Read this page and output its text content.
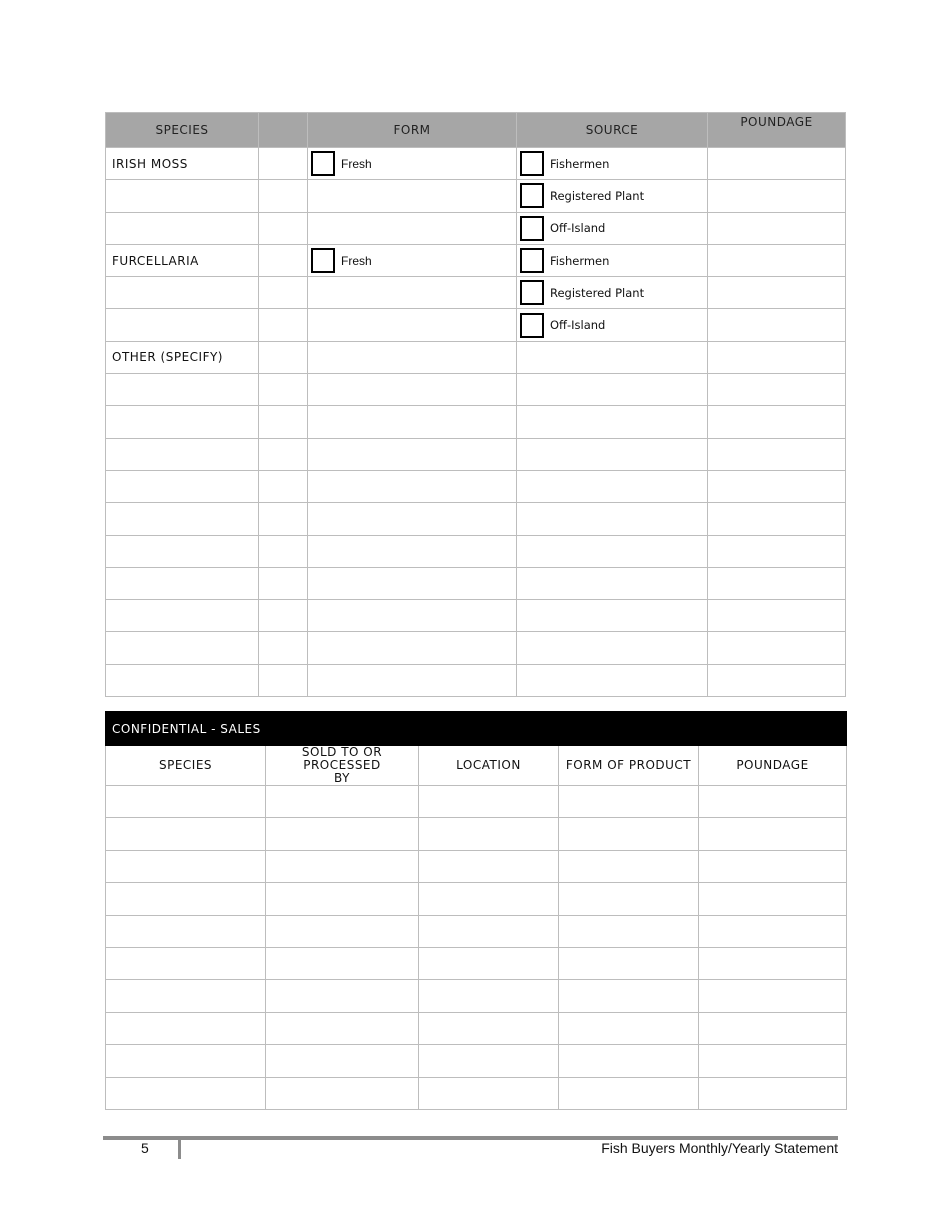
SPECIES		FORM	SOURCE	POUNDAGE
IRISH MOSS		Fresh	Fishermen	

			Registered Plant	

			Off-Island	

FURCELLARIA		Fresh	Fishermen	

			Registered Plant	

			Off-Island	

OTHER (SPECIFY)				

CONFIDENTIAL - SALES				
SPECIES	SOLD TO OR PROCESSED BY	LOCATION	FORM OF PRODUCT	POUNDAGE

5	Fish Buyers Monthly/Yearly Statement
